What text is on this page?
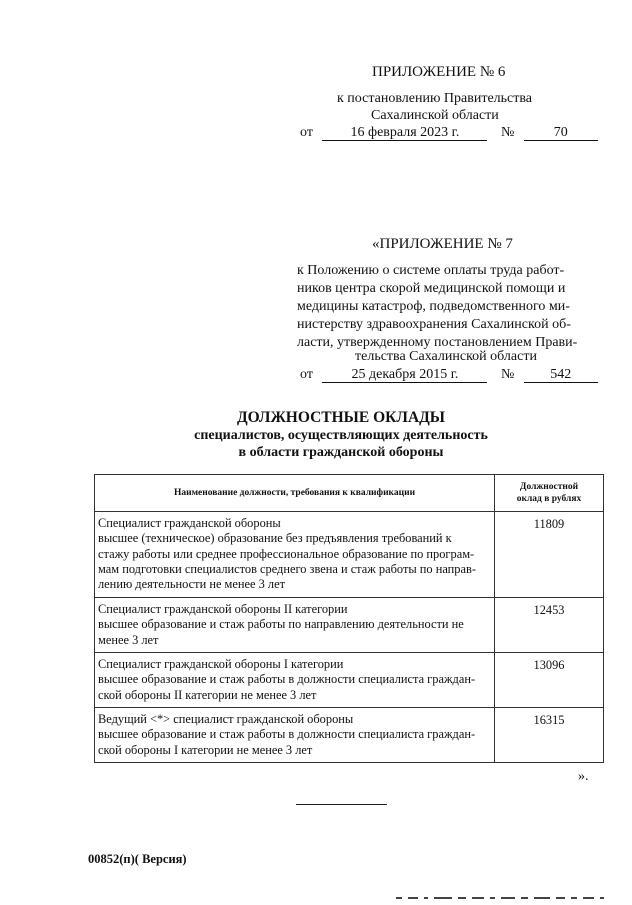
ПРИЛОЖЕНИЕ № 6
к постановлению Правительства
Сахалинской области
от	16 февраля 2023 г.	№	70
«ПРИЛОЖЕНИЕ № 7
к Положению о системе оплаты труда работ-
ников центра скорой медицинской помощи и
медицины катастроф, подведомственного ми-
нистерству здравоохранения Сахалинской об-
ласти, утвержденному постановлением Прави-
тельства Сахалинской области
от	25 декабря 2015 г.	№	542
ДОЛЖНОСТНЫЕ ОКЛАДЫ
специалистов, осуществляющих деятельность
в области гражданской обороны
Наименование должности, требования к квалификации	Должностной
оклад в рублях

Специалист гражданской обороны
высшее (техническое) образование без предъявления требований к
стажу работы или среднее профессиональное образование по програм-
мам подготовки специалистов среднего звена и стаж работы по направ-
лению деятельности не менее 3 лет	11809

Специалист гражданской обороны II категории
высшее образование и стаж работы по направлению деятельности не
менее 3 лет	12453

Специалист гражданской обороны I категории
высшее образование и стаж работы в должности специалиста граждан-
ской обороны II категории не менее 3 лет	13096

Ведущий <*> специалист гражданской обороны
высшее образование и стаж работы в должности специалиста граждан-
ской обороны I категории не менее 3 лет	16315
».
00852(п)( Версия)
